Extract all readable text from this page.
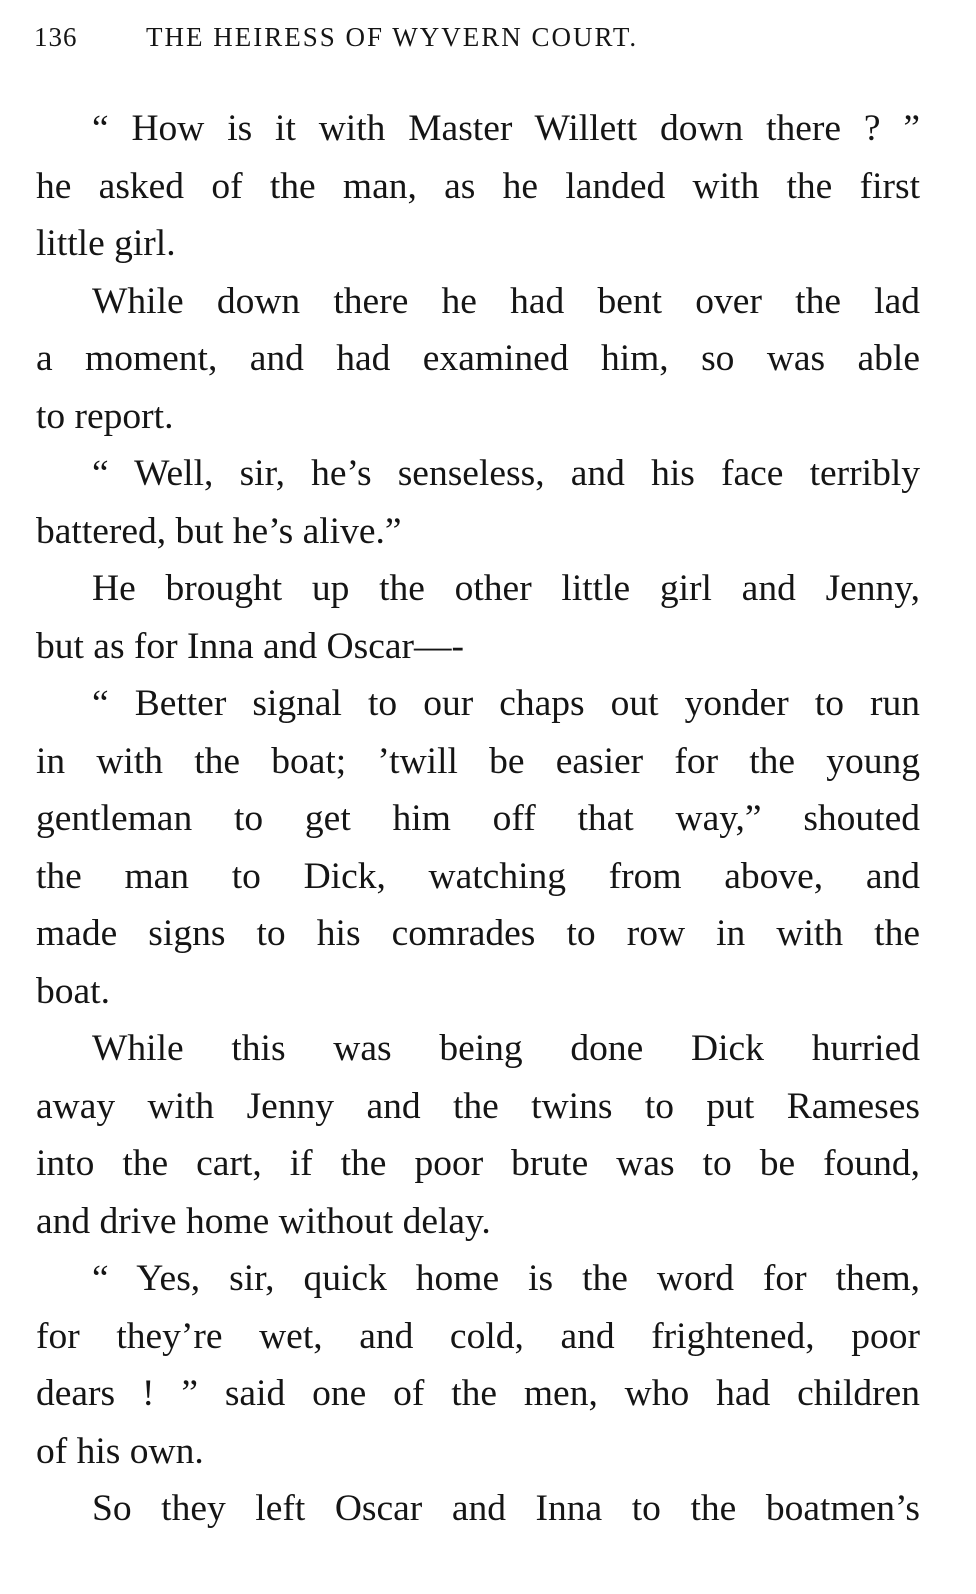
136	THE HEIRESS OF WYVERN COURT.
“ How is it with Master Willett down there ? ”
he asked of the man, as he landed with the first
little girl.
While down there he had bent over the lad
a moment, and had examined him, so was able
to report.
“ Well, sir, he’s senseless, and his face terribly
battered, but he’s alive.”
He brought up the other little girl and Jenny,
but as for Inna and Oscar—-
“ Better signal to our chaps out yonder to run
in with the boat; ’twill be easier for the young
gentleman to get him off that way,” shouted
the man to Dick, watching from above, and
made signs to his comrades to row in with the
boat.
While this was being done Dick hurried
away with Jenny and the twins to put Rameses
into the cart, if the poor brute was to be found,
and drive home without delay.
“ Yes, sir, quick home is the word for them,
for they’re wet, and cold, and frightened, poor
dears ! ” said one of the men, who had children
of his own.
So they left Oscar and Inna to the boatmen’s
